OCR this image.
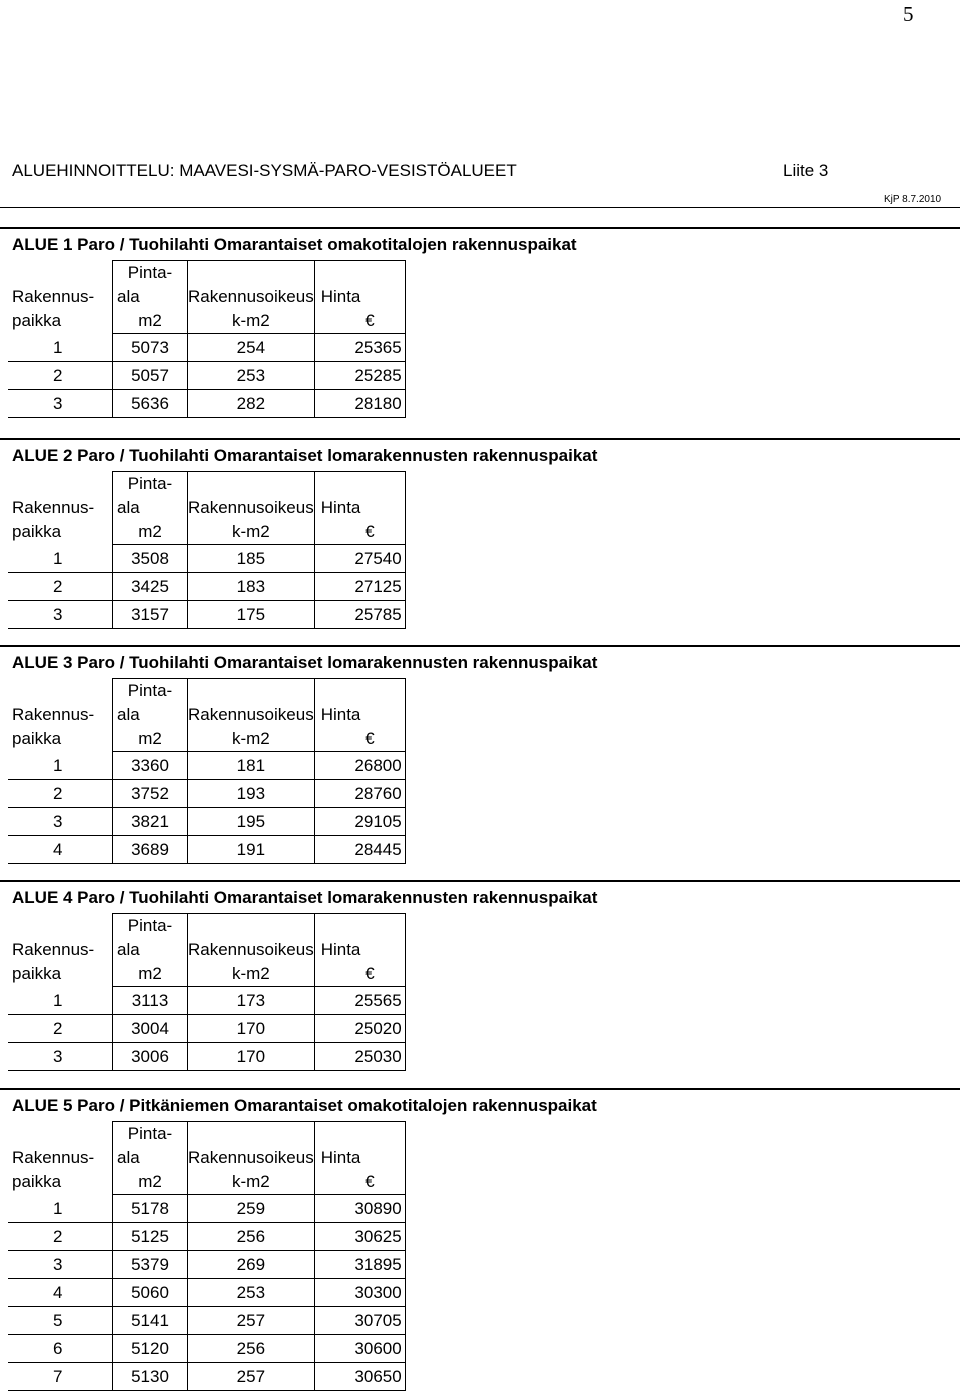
5
ALUEHINNOITTELU: MAAVESI-SYSMÄ-PARO-VESISTÖALUEET	Liite 3
KjP 8.7.2010
ALUE 1 Paro / Tuohilahti Omarantaiset omakotitalojen rakennuspaikat
	Pinta-		
Rakennus-	ala	Rakennusoikeus	Hinta
paikka	m2	k-m2	€
1	5073	254	25365
2	5057	253	25285
3	5636	282	28180
ALUE 2 Paro / Tuohilahti Omarantaiset lomarakennusten rakennuspaikat
	Pinta-		
Rakennus-	ala	Rakennusoikeus	Hinta
paikka	m2	k-m2	€
1	3508	185	27540
2	3425	183	27125
3	3157	175	25785
ALUE 3 Paro / Tuohilahti Omarantaiset lomarakennusten rakennuspaikat
	Pinta-		
Rakennus-	ala	Rakennusoikeus	Hinta
paikka	m2	k-m2	€
1	3360	181	26800
2	3752	193	28760
3	3821	195	29105
4	3689	191	28445
ALUE 4 Paro / Tuohilahti Omarantaiset lomarakennusten rakennuspaikat
	Pinta-		
Rakennus-	ala	Rakennusoikeus	Hinta
paikka	m2	k-m2	€
1	3113	173	25565
2	3004	170	25020
3	3006	170	25030
ALUE 5 Paro / Pitkäniemen Omarantaiset omakotitalojen rakennuspaikat
	Pinta-		
Rakennus-	ala	Rakennusoikeus	Hinta
paikka	m2	k-m2	€
1	5178	259	30890
2	5125	256	30625
3	5379	269	31895
4	5060	253	30300
5	5141	257	30705
6	5120	256	30600
7	5130	257	30650
